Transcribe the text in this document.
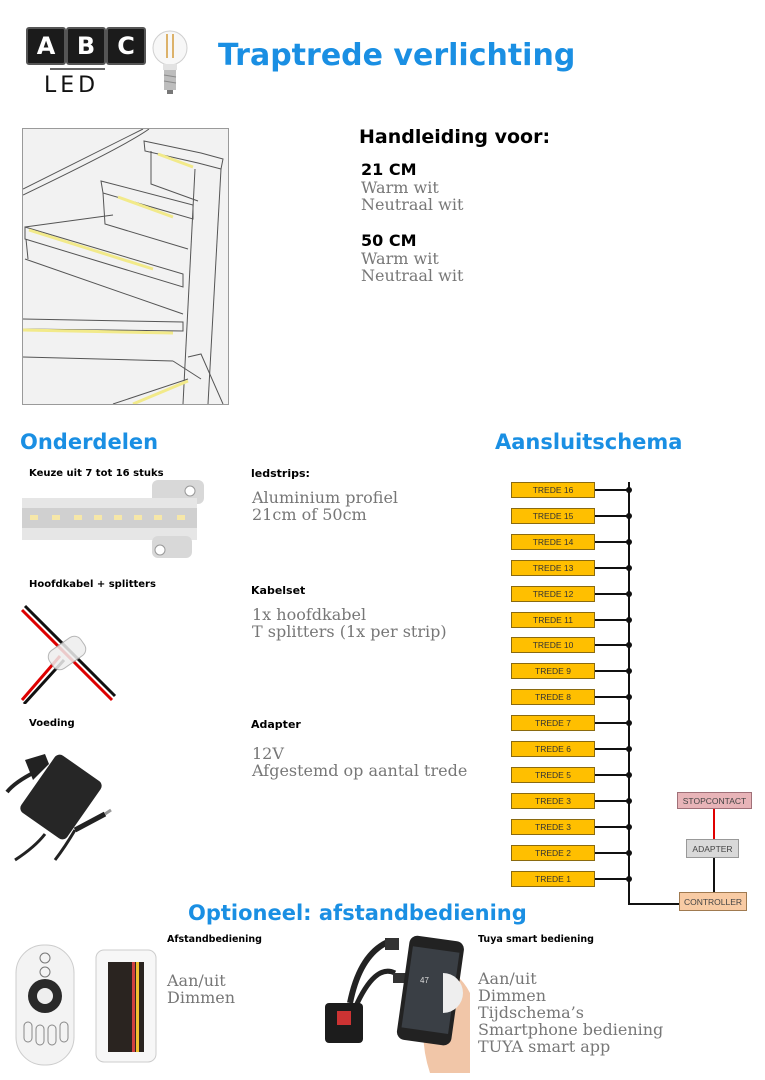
A B C
LED
Traptrede verlichting
Handleiding voor:
21 CM
Warm wit
Neutraal wit
50 CM
Warm wit
Neutraal wit
Onderdelen
Keuze uit 7 tot 16 stuks	ledstrips:
Aluminium profiel
21cm of 50cm
Hoofdkabel + splitters	Kabelset
1x hoofdkabel
T splitters (1x per strip)
Voeding	Adapter
12V
Afgestemd op aantal trede
Aansluitschema
TREDE 16
TREDE 15
TREDE 14
TREDE 13
TREDE 12
TREDE 11
TREDE 10
TREDE 9
TREDE 8
TREDE 7
TREDE 6
TREDE 5
TREDE 3
TREDE 3
TREDE 2
TREDE 1
STOPCONTACT
ADAPTER
CONTROLLER
Optioneel: afstandbediening
Afstandbediening
Aan/uit
Dimmen
47
Tuya smart bediening
Aan/uit
Dimmen
Tijdschema’s
Smartphone bediening
TUYA smart app
